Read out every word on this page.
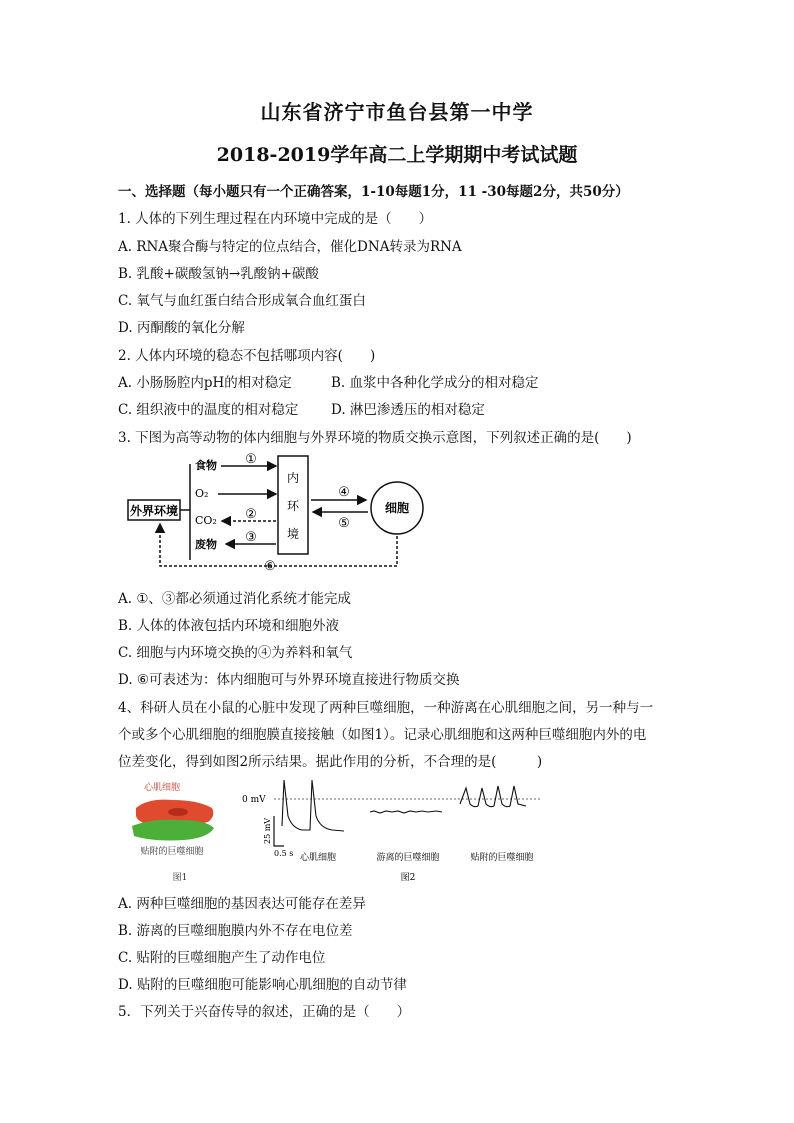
山东省济宁市鱼台县第一中学
2018-2019学年高二上学期期中考试试题
一、选择题（每小题只有一个正确答案，1-10每题1分，11 -30每题2分，共50分）
1. 人体的下列生理过程在内环境中完成的是（　　）
A. RNA聚合酶与特定的位点结合，催化DNA转录为RNA
B. 乳酸+碳酸氢钠→乳酸钠+碳酸
C. 氧气与血红蛋白结合形成氧合血红蛋白
D. 丙酮酸的氧化分解
2. 人体内环境的稳态不包括哪项内容(　　)
A. 小肠肠腔内pH的相对稳定	B. 血浆中各种化学成分的相对稳定
C. 组织液中的温度的相对稳定 D. 淋巴渗透压的相对稳定
3. 下图为高等动物的体内细胞与外界环境的物质交换示意图，下列叙述正确的是(　　)
外界环境
食物
O₂
CO₂
废物
①
②
③
内
环
境
④
⑤
细胞
⑥
A. ①、③都必须通过消化系统才能完成
B. 人体的体液包括内环境和细胞外液
C. 细胞与内环境交换的④为养料和氧气
D. ⑥可表述为：体内细胞可与外界环境直接进行物质交换
4、科研人员在小鼠的心脏中发现了两种巨噬细胞，一种游离在心肌细胞之间，另一种与一
个或多个心肌细胞的细胞膜直接接触（如图1）。记录心肌细胞和这两种巨噬细胞内外的电
位差变化，得到如图2所示结果。据此作用的分析，不合理的是(　　　)
心肌细胞
贴附的巨噬细胞
图1
0 mV
25 mV
0.5 s 心肌细胞	游离的巨噬细胞	贴附的巨噬细胞
图2
A. 两种巨噬细胞的基因表达可能存在差异
B. 游离的巨噬细胞膜内外不存在电位差
C. 贴附的巨噬细胞产生了动作电位
D. 贴附的巨噬细胞可能影响心肌细胞的自动节律
5．下列关于兴奋传导的叙述，正确的是（　　）
